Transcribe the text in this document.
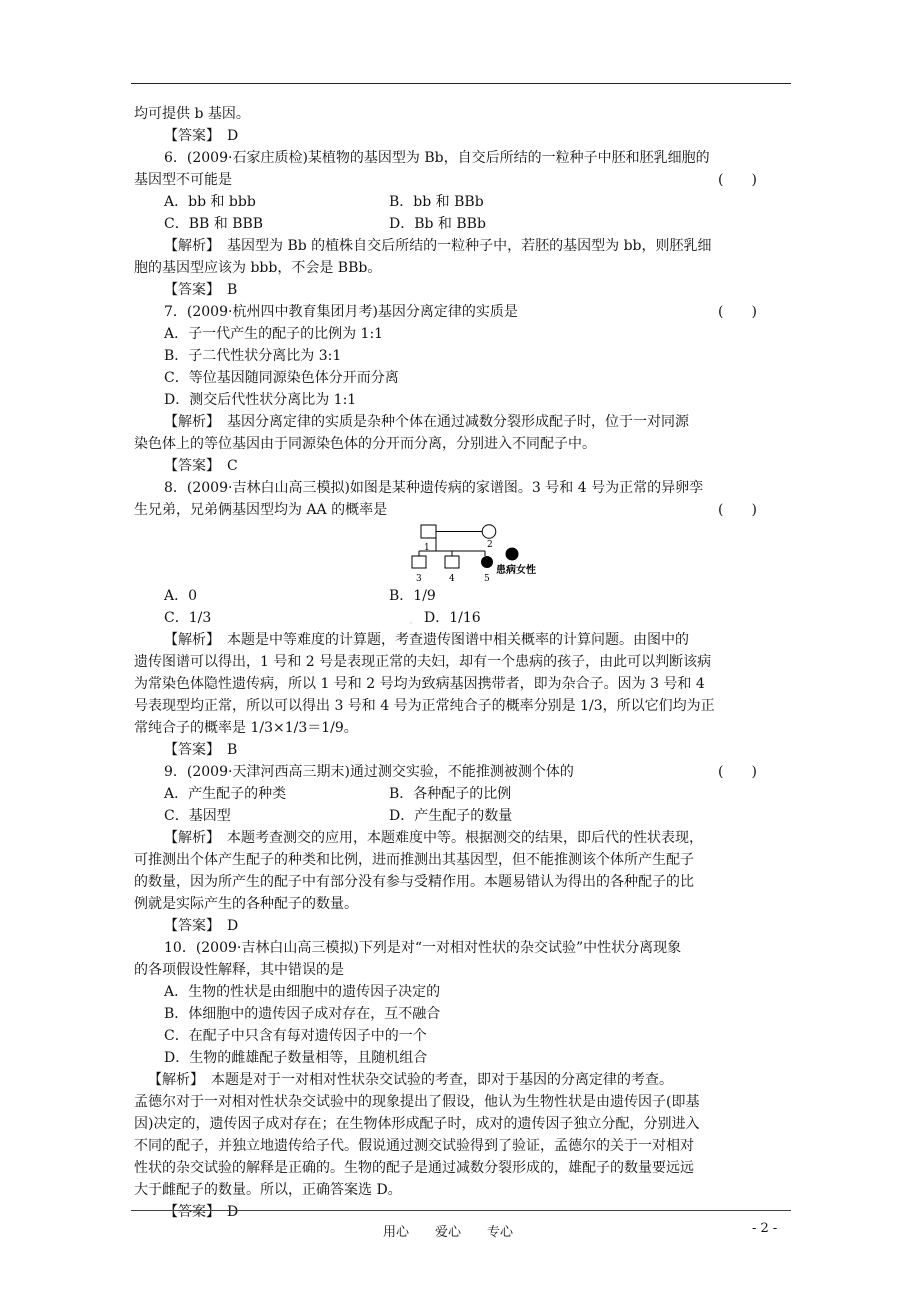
.
均可提供 b 基因。
【答案】　D
6．(2009·石家庄质检)某植物的基因型为 Bb，自交后所结的一粒种子中胚和胚乳细胞的
基因型不可能是	(　　)
A．bb 和 bbb	B．bb 和 BBb
C．BB 和 BBB	D．Bb 和 BBb
【解析】　基因型为 Bb 的植株自交后所结的一粒种子中，若胚的基因型为 bb，则胚乳细
胞的基因型应该为 bbb，不会是 BBb。
【答案】　B
7．(2009·杭州四中教育集团月考)基因分离定律的实质是	(　　)
A．子一代产生的配子的比例为 1:1
B．子二代性状分离比为 3:1
C．等位基因随同源染色体分开而分离
D．测交后代性状分离比为 1:1
【解析】　基因分离定律的实质是杂种个体在通过减数分裂形成配子时，位于一对同源
染色体上的等位基因由于同源染色体的分开而分离，分别进入不同配子中。
【答案】　C
8．(2009·吉林白山高三模拟)如图是某种遗传病的家谱图。3 号和 4 号为正常的异卵孪
生兄弟，兄弟俩基因型均为 AA 的概率是	(　　)
2
1
3	4	5
患病女性
A．0	B．1/9
C．1/3	D．1/16
【解析】　本题是中等难度的计算题，考查遗传图谱中相关概率的计算问题。由图中的
遗传图谱可以得出，1 号和 2 号是表现正常的夫妇，却有一个患病的孩子，由此可以判断该病
为常染色体隐性遗传病，所以 1 号和 2 号均为致病基因携带者，即为杂合子。因为 3 号和 4
号表现型均正常，所以可以得出 3 号和 4 号为正常纯合子的概率分别是 1/3，所以它们均为正
常纯合子的概率是 1/3×1/3＝1/9。
【答案】　B
9．(2009·天津河西高三期末)通过测交实验，不能推测被测个体的	(　　)
A．产生配子的种类	B．各种配子的比例
C．基因型	D．产生配子的数量
【解析】　本题考查测交的应用，本题难度中等。根据测交的结果，即后代的性状表现，
可推测出个体产生配子的种类和比例，进而推测出其基因型，但不能推测该个体所产生配子
的数量，因为所产生的配子中有部分没有参与受精作用。本题易错认为得出的各种配子的比
例就是实际产生的各种配子的数量。
【答案】　D
10．(2009·吉林白山高三模拟)下列是对“一对相对性状的杂交试验”中性状分离现象
的各项假设性解释，其中错误的是
A．生物的性状是由细胞中的遗传因子决定的
B．体细胞中的遗传因子成对存在，互不融合
C．在配子中只含有每对遗传因子中的一个
D．生物的雌雄配子数量相等，且随机组合
【解析】　本题是对于一对相对性状杂交试验的考查，即对于基因的分离定律的考查。
孟德尔对于一对相对性状杂交试验中的现象提出了假设，他认为生物性状是由遗传因子(即基
因)决定的，遗传因子成对存在；在生物体形成配子时，成对的遗传因子独立分配，分别进入
不同的配子，并独立地遗传给子代。假说通过测交试验得到了验证，孟德尔的关于一对相对
性状的杂交试验的解释是正确的。生物的配子是通过减数分裂形成的，雄配子的数量要远远
大于雌配子的数量。所以，正确答案选 D。
【答案】　D
用心　　爱心　　专心	- 2 -
